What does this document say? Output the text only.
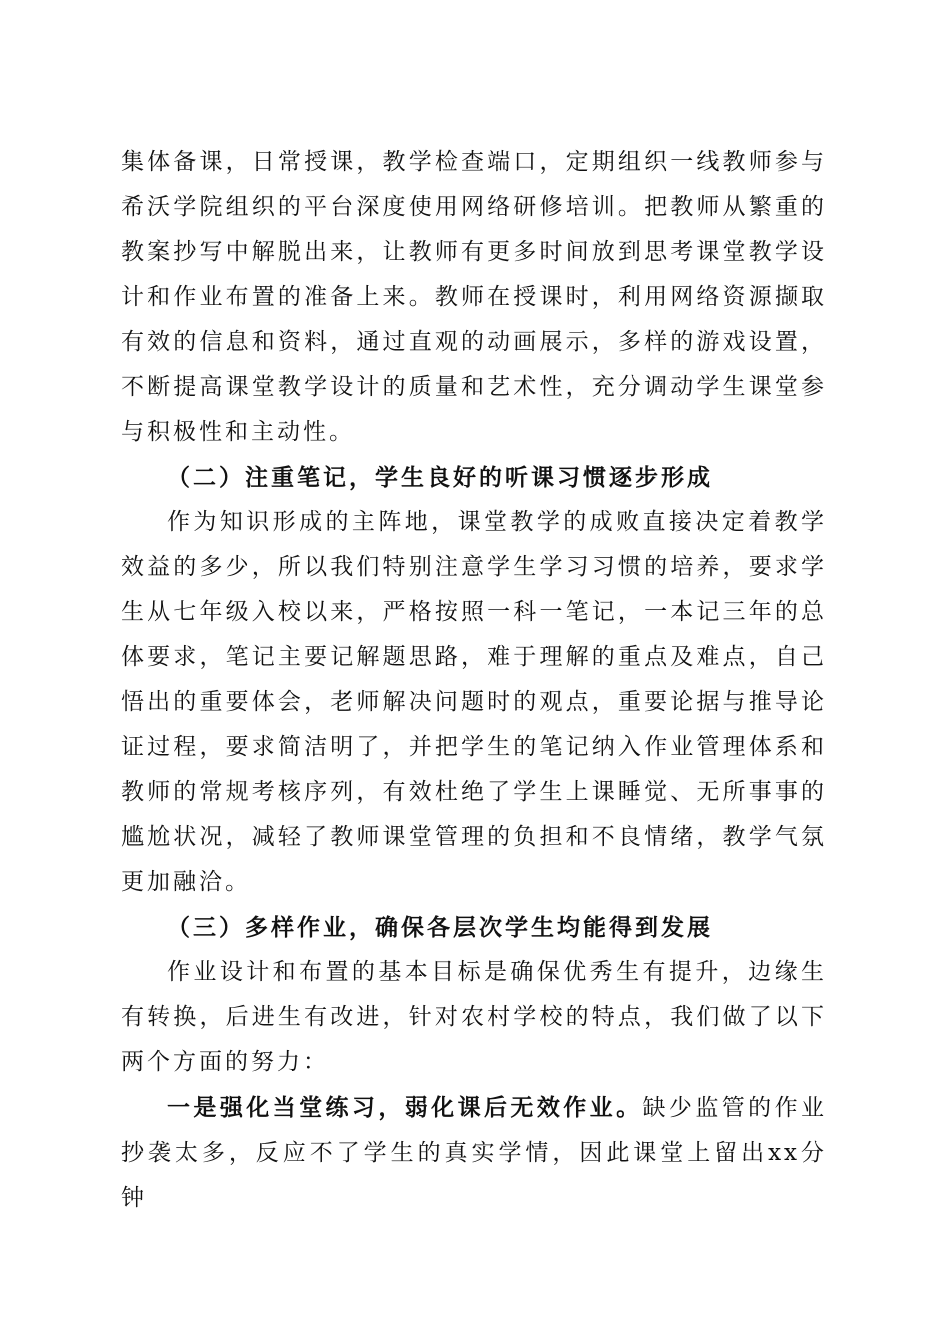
集体备课，日常授课，教学检查端口，定期组织一线教师参与希沃学院组织的平台深度使用网络研修培训。把教师从繁重的教案抄写中解脱出来，让教师有更多时间放到思考课堂教学设计和作业布置的准备上来。教师在授课时，利用网络资源撷取有效的信息和资料，通过直观的动画展示，多样的游戏设置，不断提高课堂教学设计的质量和艺术性，充分调动学生课堂参与积极性和主动性。

（二）注重笔记，学生良好的听课习惯逐步形成

作为知识形成的主阵地，课堂教学的成败直接决定着教学效益的多少，所以我们特别注意学生学习习惯的培养，要求学生从七年级入校以来，严格按照一科一笔记，一本记三年的总体要求，笔记主要记解题思路，难于理解的重点及难点，自己悟出的重要体会，老师解决问题时的观点，重要论据与推导论证过程，要求简洁明了，并把学生的笔记纳入作业管理体系和教师的常规考核序列，有效杜绝了学生上课睡觉、无所事事的尴尬状况，减轻了教师课堂管理的负担和不良情绪，教学气氛更加融洽。

（三）多样作业，确保各层次学生均能得到发展

作业设计和布置的基本目标是确保优秀生有提升，边缘生有转换，后进生有改进，针对农村学校的特点，我们做了以下两个方面的努力：

一是强化当堂练习，弱化课后无效作业。缺少监管的作业抄袭太多，反应不了学生的真实学情，因此课堂上留出xx分钟
